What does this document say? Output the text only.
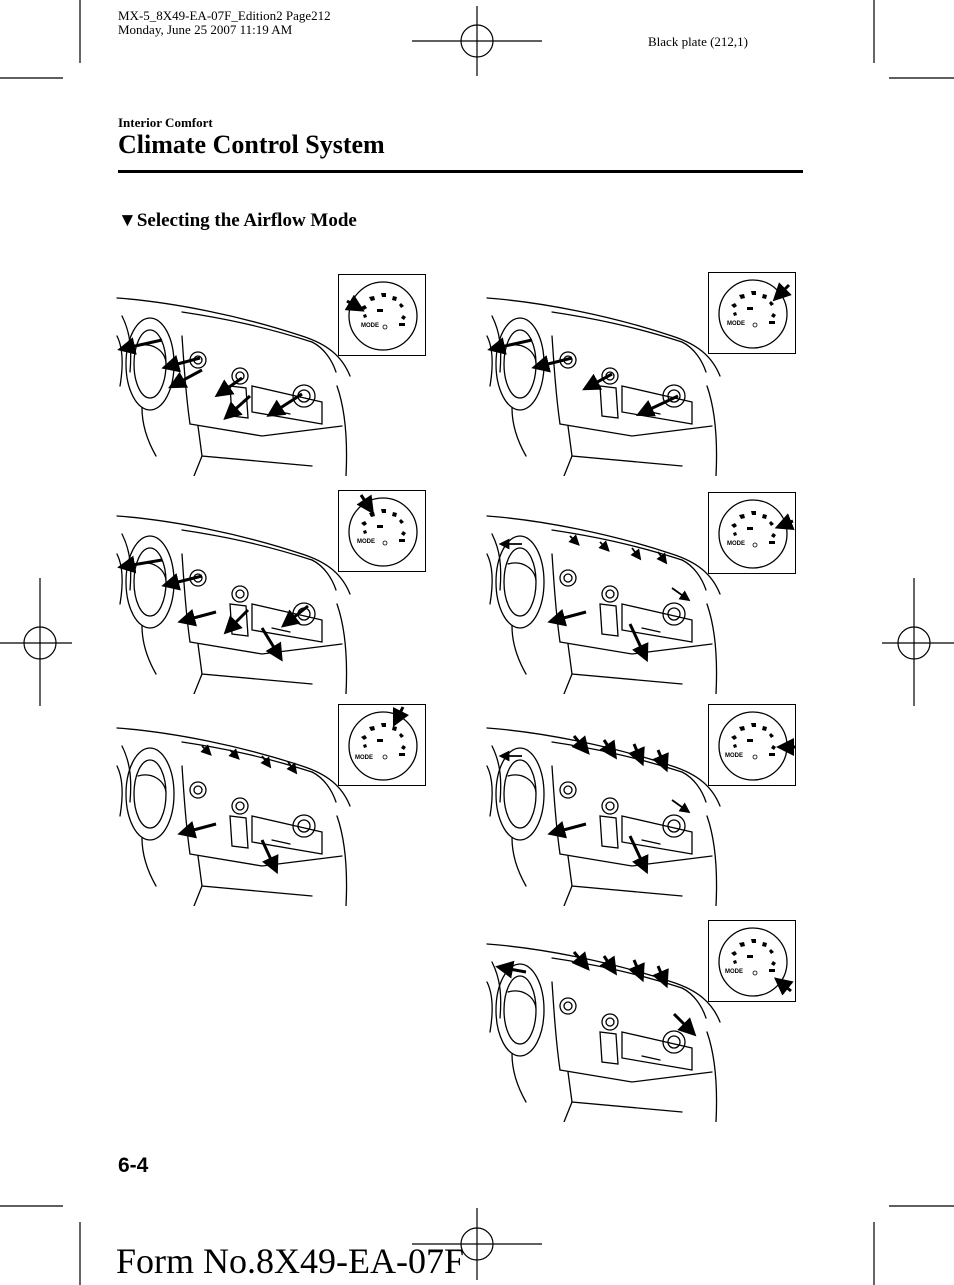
MX-5_8X49-EA-07F_Edition2 Page212
Monday, June 25 2007 11:19 AM
Black plate (212,1)
Interior Comfort
Climate Control System
▼Selecting the Airflow Mode
MODE	MODE
MODE	MODE
MODE	MODE
MODE
6-4
Form No.8X49-EA-07F
